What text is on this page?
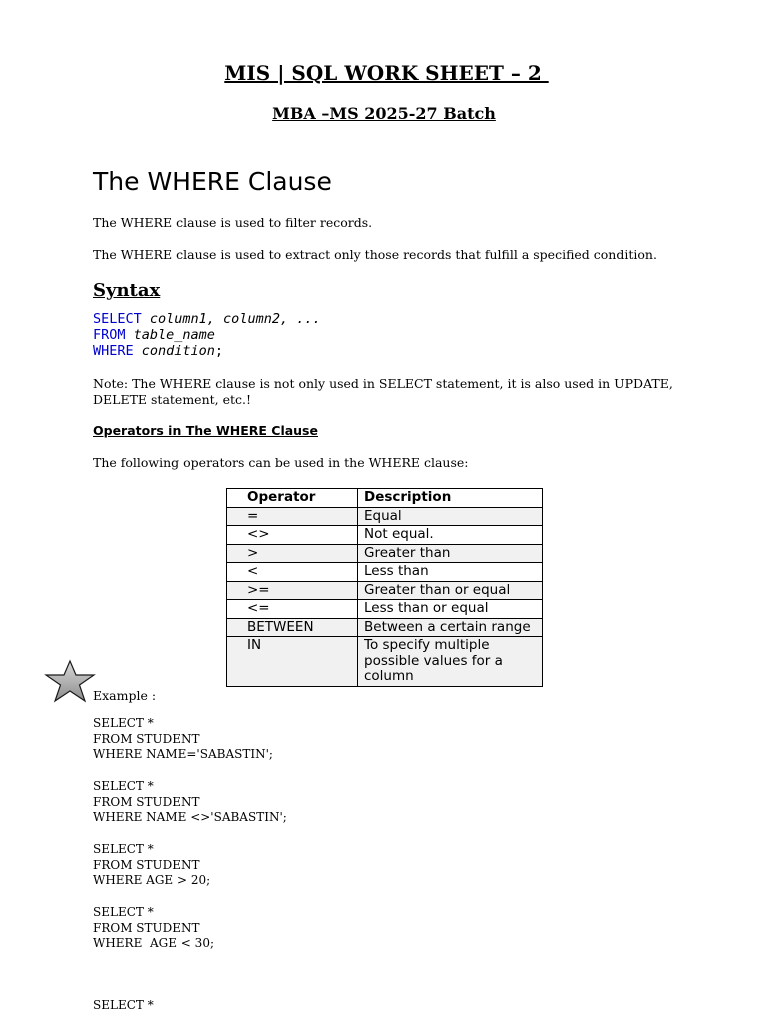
MIS | SQL WORK SHEET – 2
MBA –MS 2025-27 Batch
The WHERE Clause
The WHERE clause is used to filter records.
The WHERE clause is used to extract only those records that fulfill a specified condition.
Syntax
SELECT column1, column2, ...
FROM table_name
WHERE condition;
Note: The WHERE clause is not only used in SELECT statement, it is also used in UPDATE,
DELETE statement, etc.!
Operators in The WHERE Clause
The following operators can be used in the WHERE clause:
Operator	Description
=	Equal
<>	Not equal.
>	Greater than
<	Less than
>=	Greater than or equal
<=	Less than or equal
BETWEEN	Between a certain range
IN	To specify multiple possible values for a column
Example :
SELECT *
FROM STUDENT
WHERE NAME='SABASTIN';
SELECT *
FROM STUDENT
WHERE NAME <>'SABASTIN';
SELECT *
FROM STUDENT
WHERE AGE > 20;
SELECT *
FROM STUDENT
WHERE  AGE < 30;
SELECT *
